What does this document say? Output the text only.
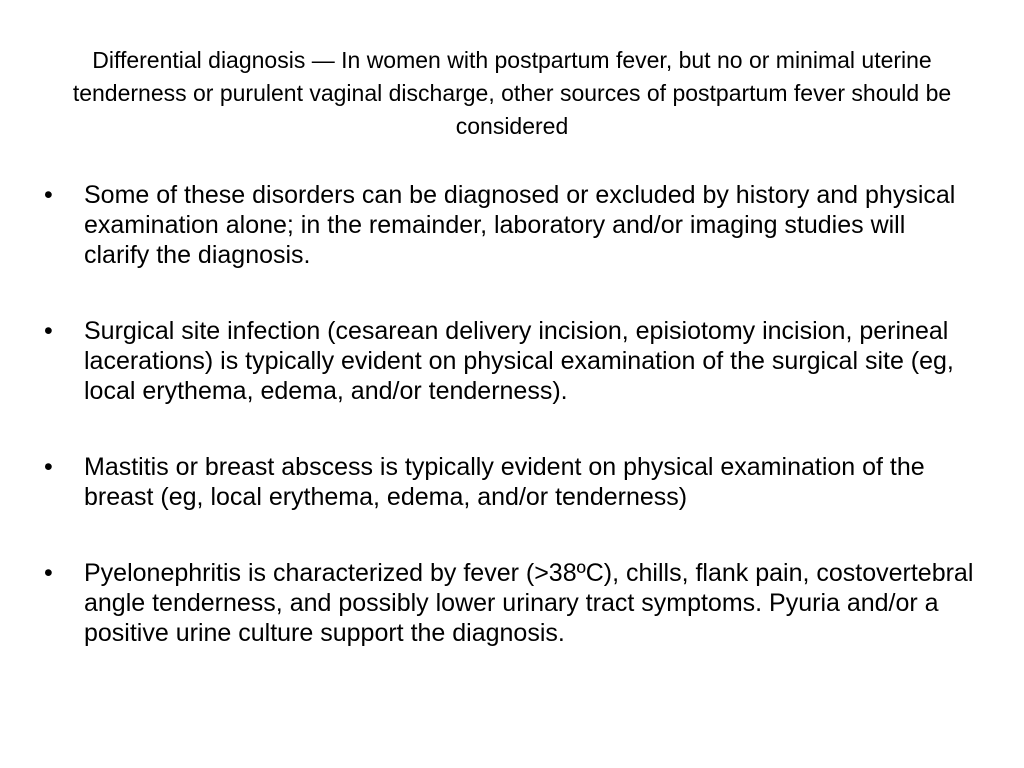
Differential diagnosis — In women with postpartum fever, but no or minimal uterine tenderness or purulent vaginal discharge, other sources of postpartum fever should be considered
•	Some of these disorders can be diagnosed or excluded by history and physical examination alone; in the remainder, laboratory and/or imaging studies will clarify the diagnosis.
•	Surgical site infection (cesarean delivery incision, episiotomy incision, perineal lacerations) is typically evident on physical examination of the surgical site (eg, local erythema, edema, and/or tenderness).
•	Mastitis or breast abscess is typically evident on physical examination of the breast (eg, local erythema, edema, and/or tenderness)
•	Pyelonephritis is characterized by fever (>38ºC), chills, flank pain, costovertebral angle tenderness, and possibly lower urinary tract symptoms. Pyuria and/or a positive urine culture support the diagnosis.
